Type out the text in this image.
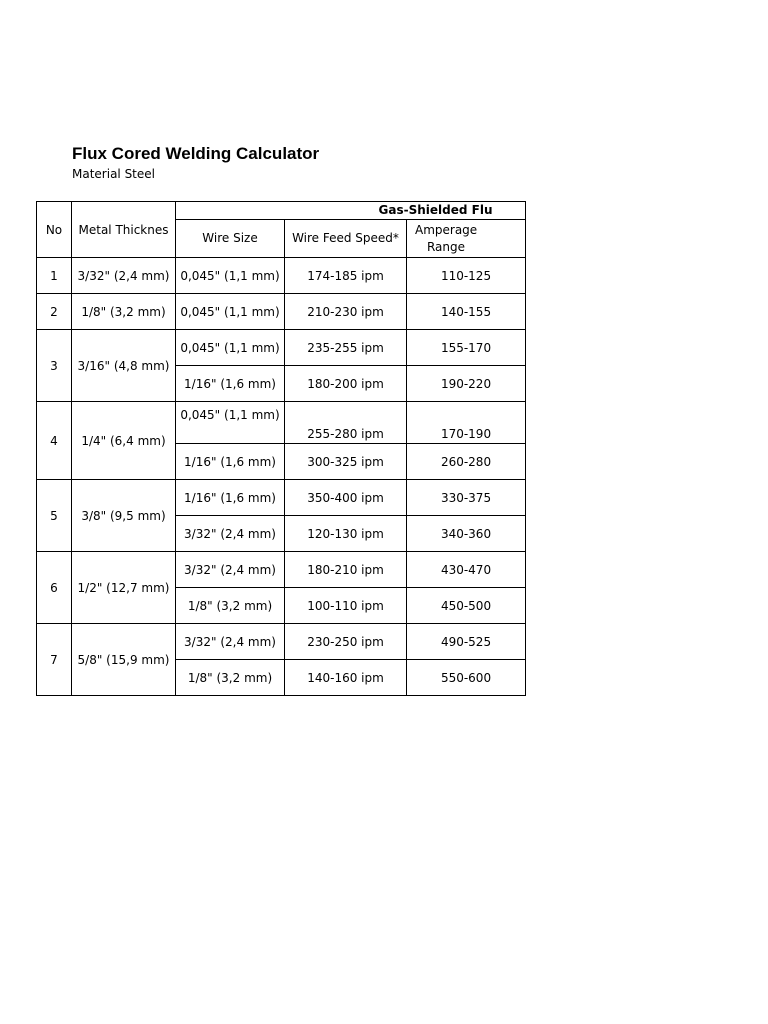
Flux Cored Welding Calculator
Material Steel
No	Metal Thicknes	Gas-Shielded Flu		
		Wire Size	Wire Feed Speed*	Amperage Range
1	3/32" (2,4 mm)	0,045" (1,1 mm)	174-185 ipm	110-125
2	1/8" (3,2 mm)	0,045" (1,1 mm)	210-230 ipm	140-155
3	3/16" (4,8 mm)	0,045" (1,1 mm)	235-255 ipm	155-170
		1/16" (1,6 mm)	180-200 ipm	190-220
4	1/4" (6,4 mm)	0,045" (1,1 mm)	255-280 ipm	170-190
		1/16" (1,6 mm)	300-325 ipm	260-280
5	3/8" (9,5 mm)	1/16" (1,6 mm)	350-400 ipm	330-375
		3/32" (2,4 mm)	120-130 ipm	340-360
6	1/2" (12,7 mm)	3/32" (2,4 mm)	180-210 ipm	430-470
		1/8" (3,2 mm)	100-110 ipm	450-500
7	5/8" (15,9 mm)	3/32" (2,4 mm)	230-250 ipm	490-525
		1/8" (3,2 mm)	140-160 ipm	550-600
